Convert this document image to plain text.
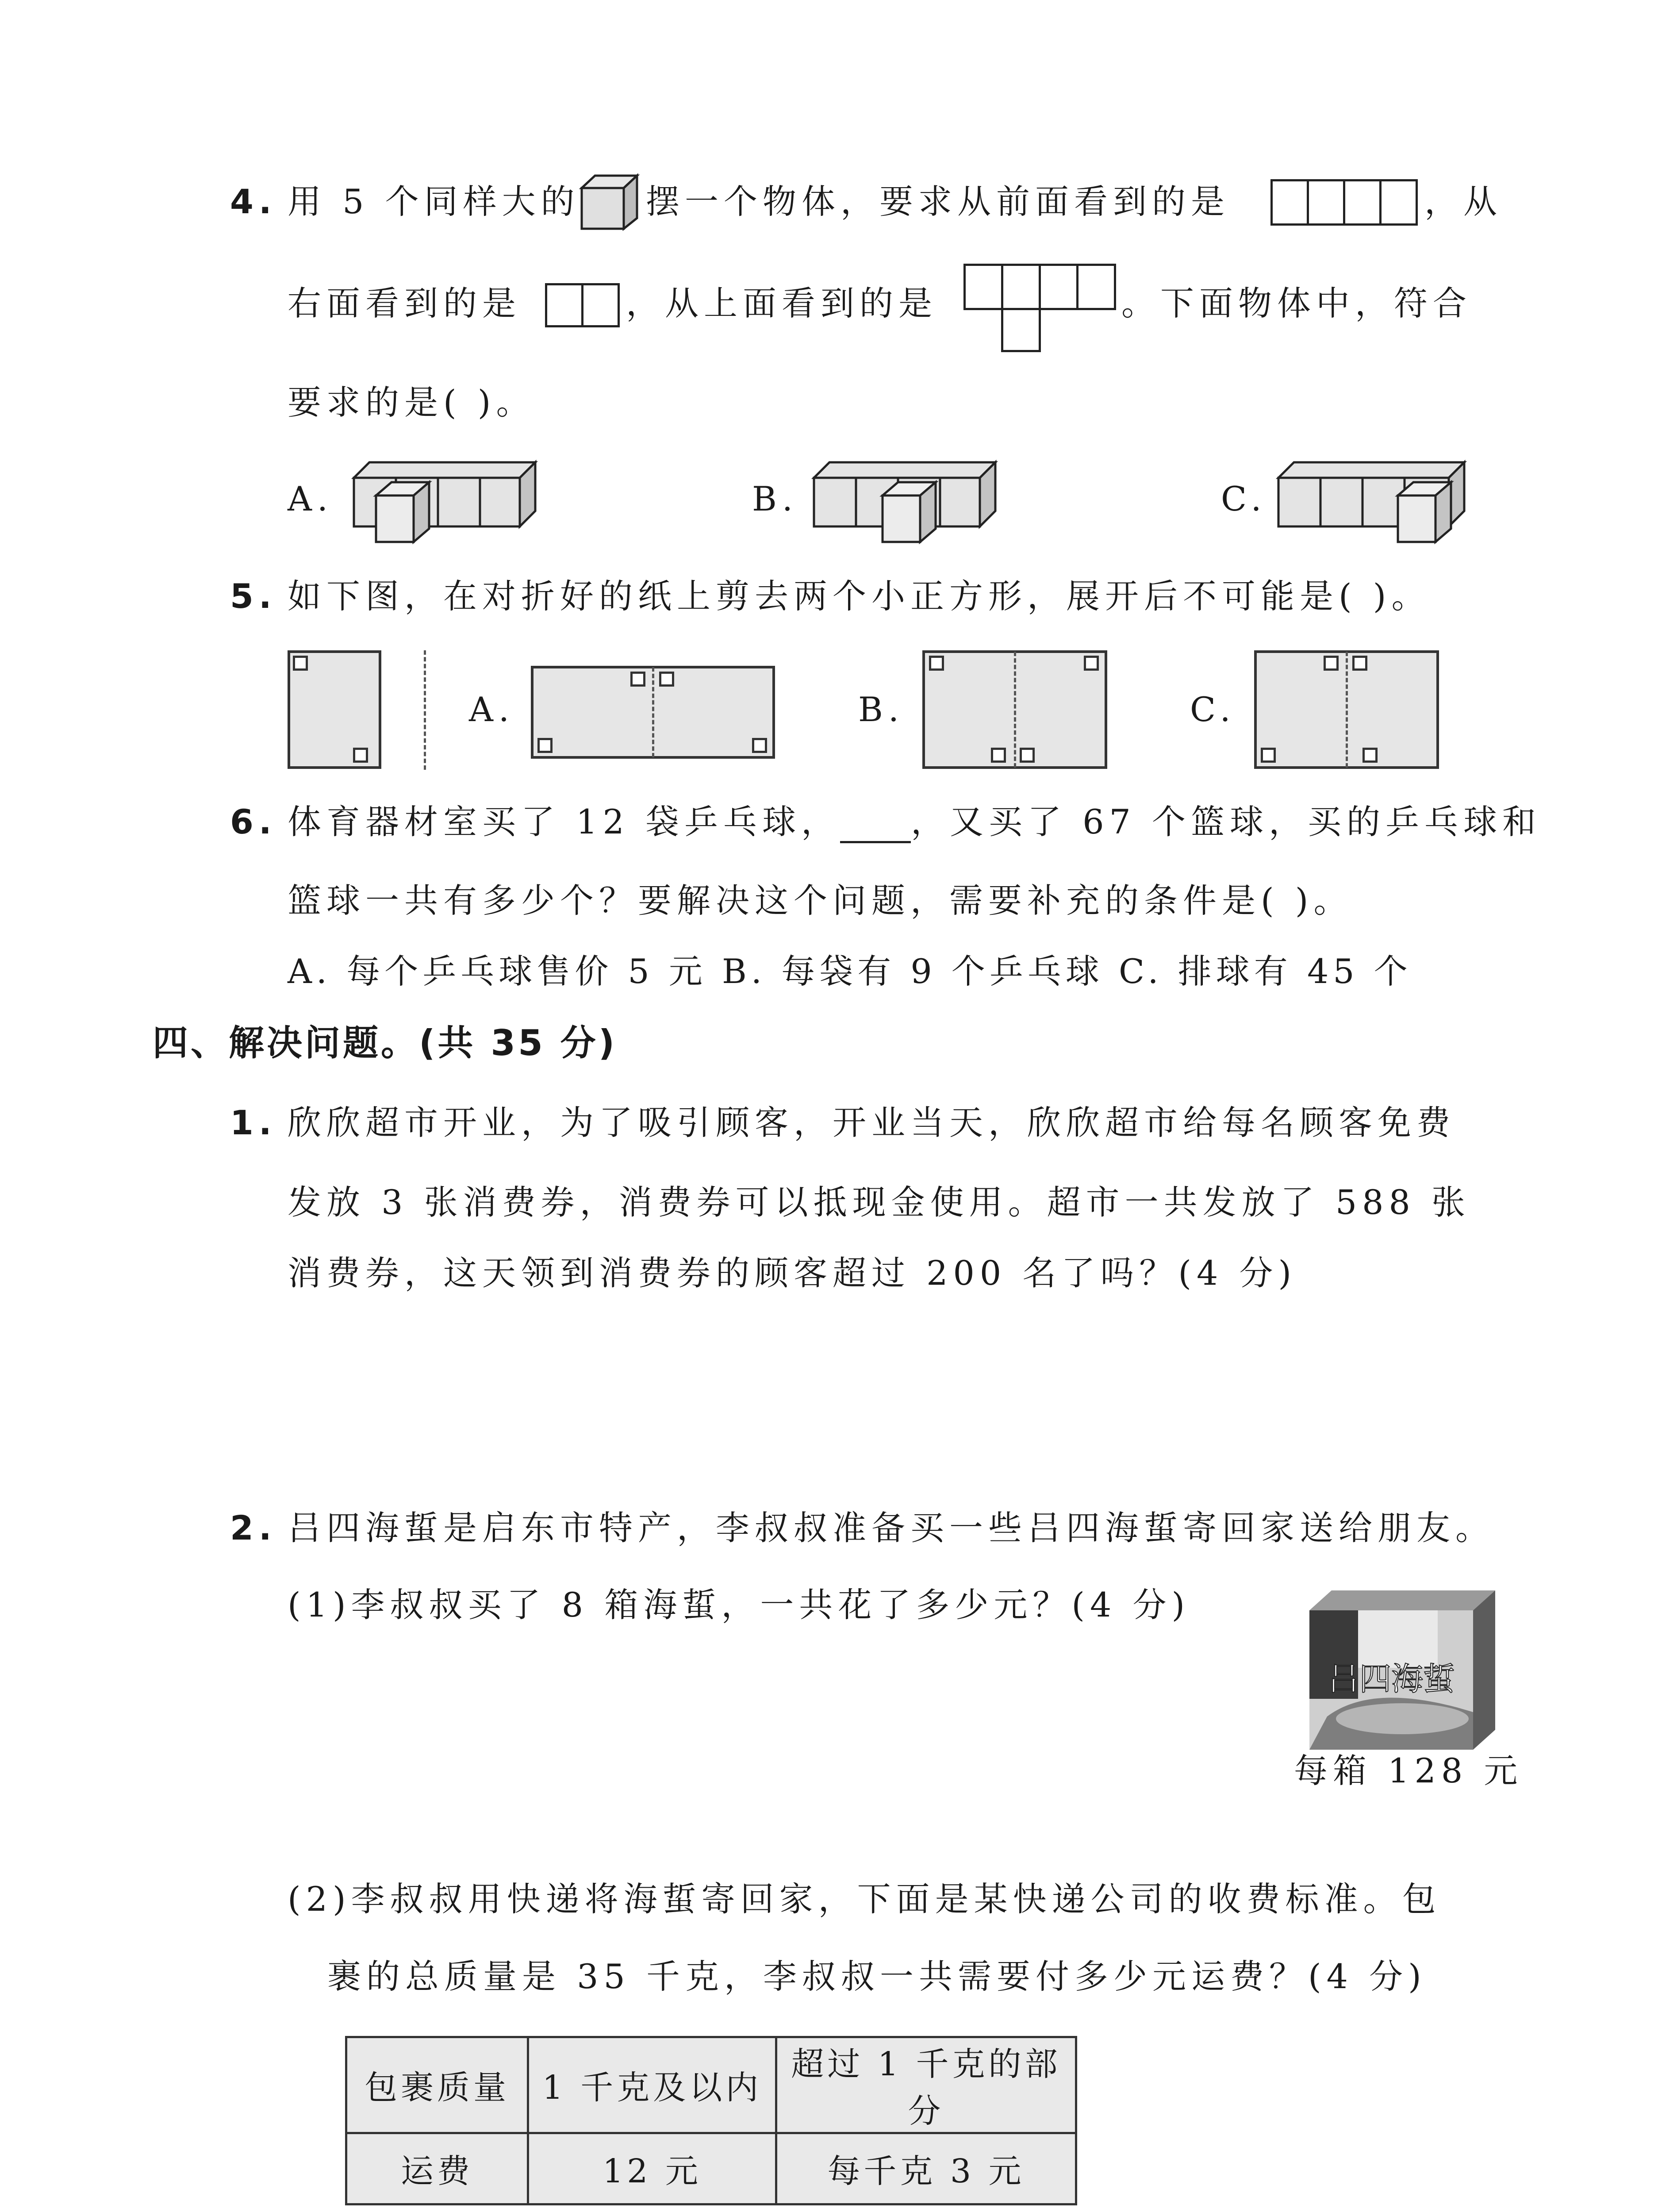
4. 用 5 个同样大的 摆一个物体，要求从前面看到的是	，从
右面看到的是	，从上面看到的是	。下面物体中，符合
要求的是( )。
A.	B.	C.
5. 如下图，在对折好的纸上剪去两个小正方形，展开后不可能是( )。
A.	B.	C.
6. 体育器材室买了 12 袋乒乓球， ，又买了 67 个篮球，买的乒乓球和
篮球一共有多少个？要解决这个问题，需要补充的条件是( )。
A. 每个乒乓球售价 5 元 B. 每袋有 9 个乒乓球 C. 排球有 45 个
四、解决问题。(共 35 分)
1. 欣欣超市开业，为了吸引顾客，开业当天，欣欣超市给每名顾客免费
发放 3 张消费券，消费券可以抵现金使用。超市一共发放了 588 张
消费券，这天领到消费券的顾客超过 200 名了吗？(4 分)
2. 吕四海蜇是启东市特产，李叔叔准备买一些吕四海蜇寄回家送给朋友。
(1)李叔叔买了 8 箱海蜇，一共花了多少元？(4 分)
吕四海蜇
每箱 128 元
(2)李叔叔用快递将海蜇寄回家，下面是某快递公司的收费标准。包
裹的总质量是 35 千克，李叔叔一共需要付多少元运费？(4 分)
包裹质量	1 千克及以内	超过 1 千克的部分
运费	12 元	每千克 3 元
